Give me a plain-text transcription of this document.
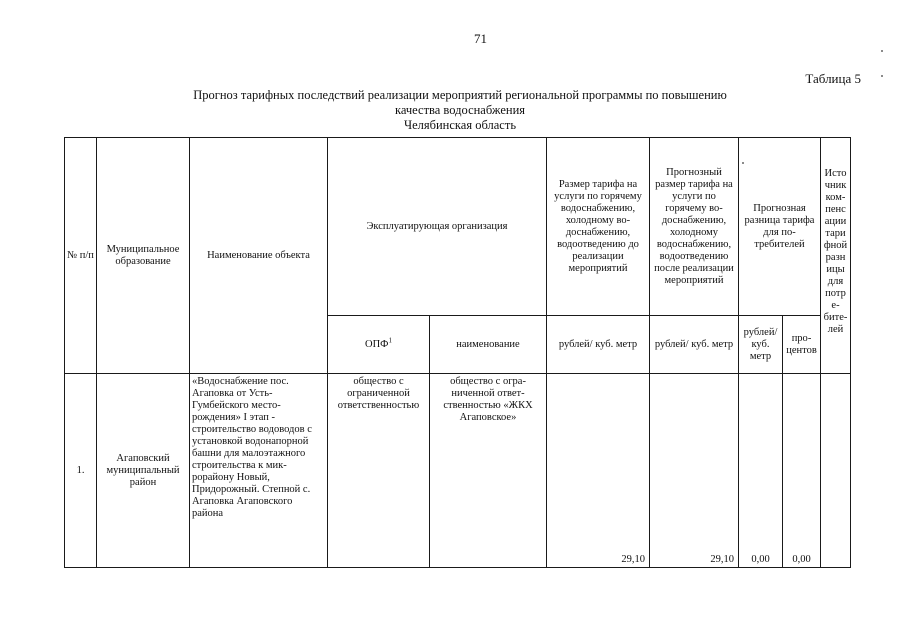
71
Таблица 5
Прогноз тарифных последствий реализации мероприятий региональной программы по повышению
качества водоснабжения
Челябинская область
№ п/п	Муниципальное образование	Наименование объекта	Эксплуатирующая организация		Размер тарифа на услуги по горячему водоснабжению, холодному водоснабжению, водоотведению до реализации мероприятий	Прогнозный размер тарифа на услуги по горячему водоснабжению, холодному водоснабжению, водоотведению после реализации мероприятий	Прогнозная разница тарифа для потребителей		Источник компенсации тарифной разницы для потребителей
			ОПФ$^1$	наименование	рублей/ куб. метр	рублей/ куб. метр	рублей/ куб. метр	процентов	
1.	Агаповский муниципальный район	«Водоснабжение пос. Агаповка от Усть-Гумбейского месторождения» I этап - строительство водоводов с установкой водонапорной башни для малоэтажного строительства к микрорайону Новый, Придорожный. Степной с. Агаповка Агаповского района	общество с ограниченной ответственностью	общество с ограниченной ответственностью «ЖКХ Агаповское»	29,10	29,10	0,00	0,00	
